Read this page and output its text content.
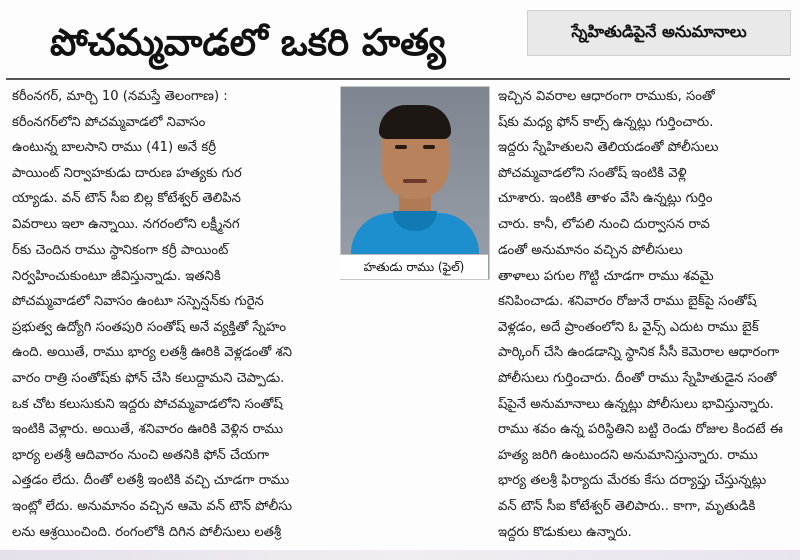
పోచమ్మవాడలో ఒకరి హత్య	స్నేహితుడిపైనే అనుమానాలు
కరీంనగర్, మార్చి 10 (నమస్తే తెలంగాణ) :
కరీంనగర్‌లోని పోచమ్మవాడలో నివాసం
ఉంటున్న బాలసాని రాము (41) అనే కర్రీ
పాయింట్ నిర్వాహకుడు దారుణ హత్యకు గుర
య్యాడు. వన్ టౌన్ సీఐ బిల్ల కోటేశ్వర్ తెలిపిన
వివరాలు ఇలా ఉన్నాయి. నగరంలోని లక్ష్మీనగ
ర్‌కు చెందిన రాము స్థానికంగా కర్రీ పాయింట్
నిర్వహించుకుంటూ జీవిస్తున్నాడు. ఇతనికి
పోచమ్మవాడలో నివాసం ఉంటూ సస్పెన్షన్‌కు గురైన
ప్రభుత్వ ఉద్యోగి సంతపురి సంతోష్ అనే వ్యక్తితో స్నేహం
ఉంది. అయితే, రాము భార్య లతశ్రీ ఊరికి వెళ్లడంతో శని
వారం రాత్రి సంతోష్‌కు ఫోన్ చేసి కలుద్దామని చెప్పాడు.
ఒక చోట కలుసుకుని ఇద్దరు పోచమ్మవాడలోని సంతోష్
ఇంటికి వెళ్లారు. అయితే, శనివారం ఊరికి వెళ్లిన రాము
భార్య లతశ్రీ ఆదివారం నుంచి అతనికి ఫోన్ చేయగా
ఎత్తడం లేదు. దీంతో లతశ్రీ ఇంటికి వచ్చి చూడగా రాము
ఇంట్లో లేదు. అనుమానం వచ్చిన ఆమె వన్ టౌన్ పోలీసు
లను ఆశ్రయించింది. రంగంలోకి దిగిన పోలీసులు లతశ్రీ
హతుడు రాము (ఫైల్)
ఇచ్చిన వివరాల ఆధారంగా రాముకు, సంతో
ష్‌కు మధ్య ఫోన్ కాల్స్ ఉన్నట్లు గుర్తించారు.
ఇద్దరు స్నేహితులని తెలియడంతో పోలీసులు
పోచమ్మవాడలోని సంతోష్ ఇంటికి వెళ్లి
చూశారు. ఇంటికి తాళం వేసి ఉన్నట్లు గుర్తిం
చారు. కానీ, లోపలి నుంచి దుర్వాసన రావ
డంతో అనుమానం వచ్చిన పోలీసులు
తాళాలు పగుల గొట్టి చూడగా రాము శవమై
కనిపించాడు. శనివారం రోజునే రాము బైక్‌పై సంతోష్
వెళ్లడం, అదే ప్రాంతంలోని ఓ వైన్స్ ఎదుట రాము బైక్
పార్కింగ్ చేసి ఉండడాన్ని స్థానిక సీసీ కెమెరాల ఆధారంగా
పోలీసులు గుర్తించారు. దీంతో రాము స్నేహితుడైన సంతో
ష్‌పైనే అనుమానాలు ఉన్నట్లు పోలీసులు భావిస్తున్నారు.
రాము శవం ఉన్న పరిస్థితిని బట్టి రెండు రోజుల కిందటే ఈ
హత్య జరిగి ఉంటుందని అనుమానిస్తున్నారు. రాము
భార్య తలశ్రీ ఫిర్యాదు మేరకు కేసు దర్యాప్తు చేస్తున్నట్లు
వన్ టౌన్ సీఐ కోటేశ్వర్ తెలిపారు.. కాగా, మృతుడికి
ఇద్దరు కొడుకులు ఉన్నారు.
